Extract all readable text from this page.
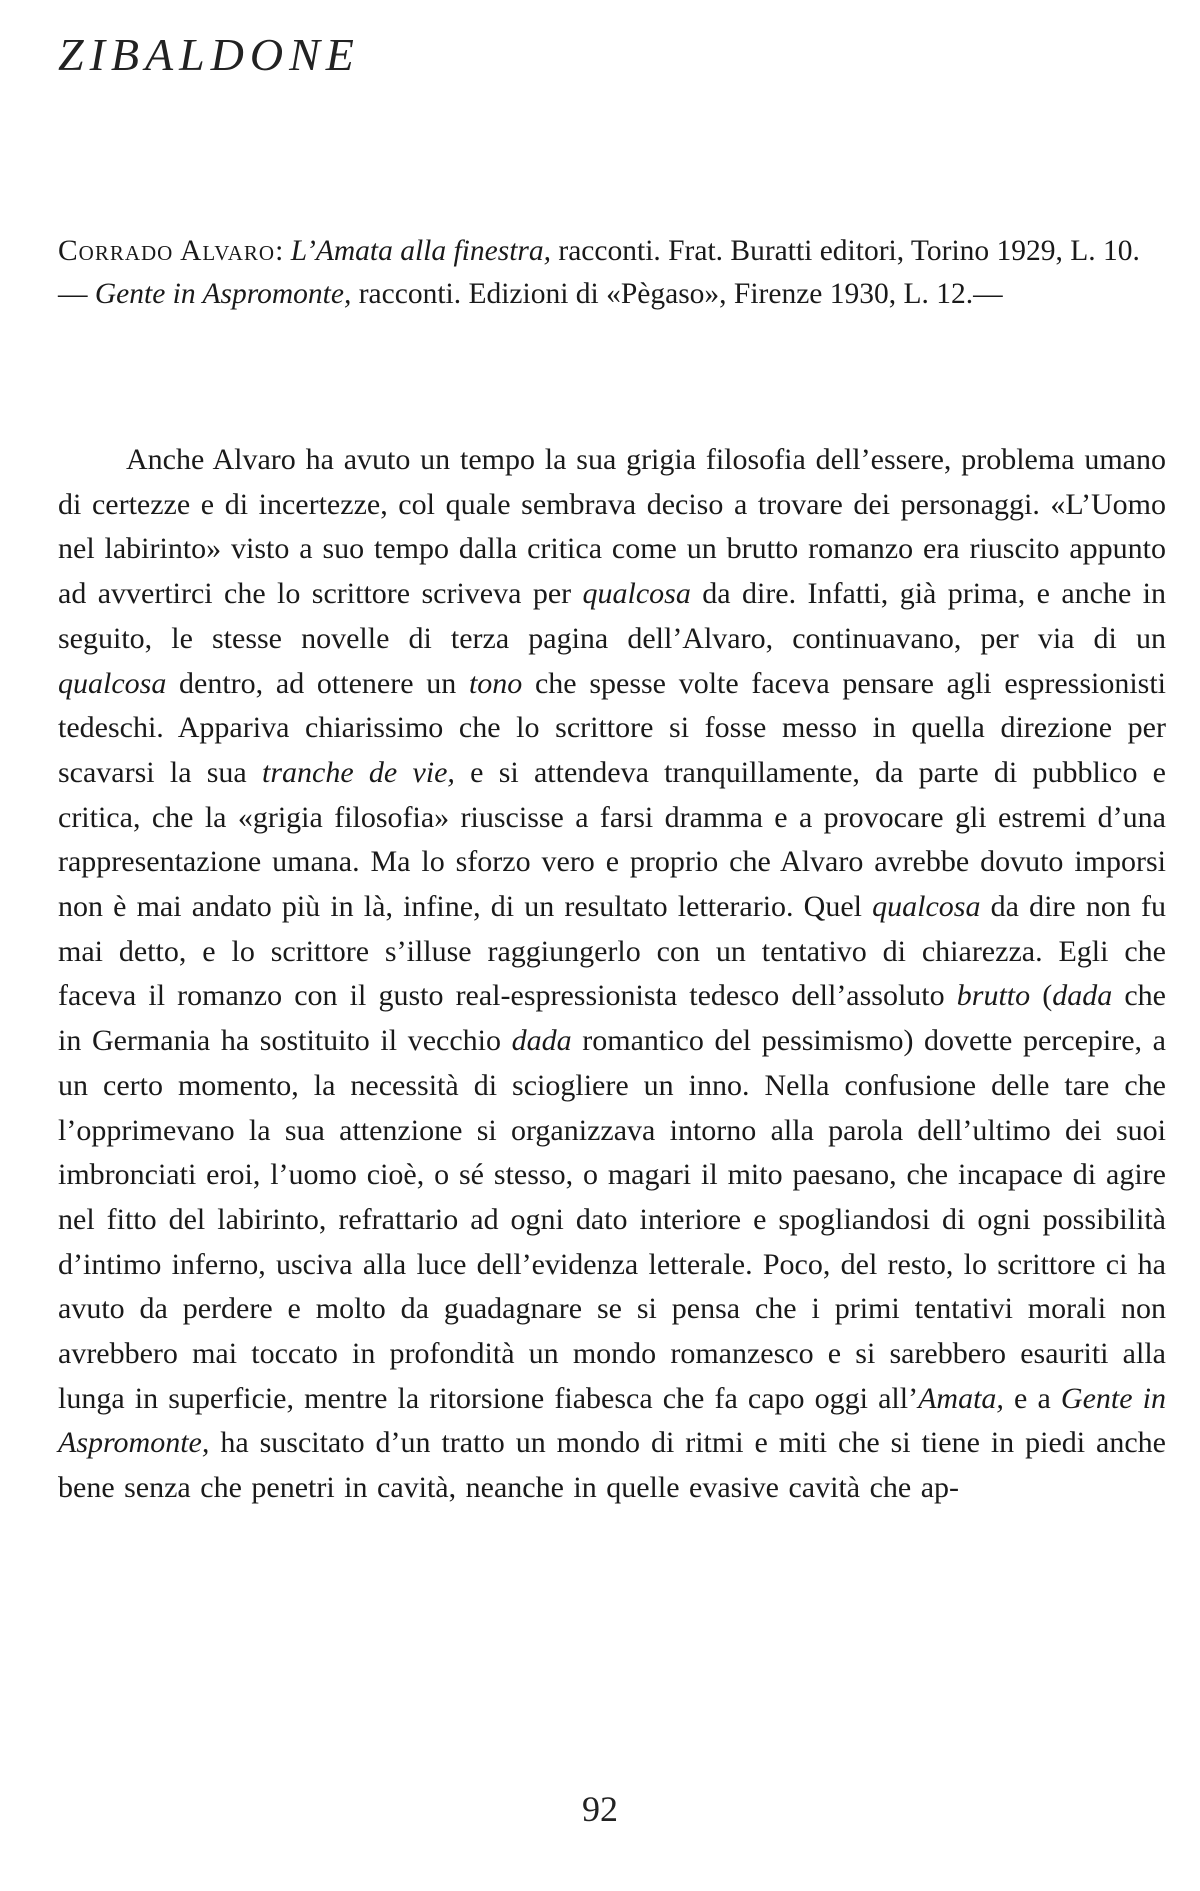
ZIBALDONE

Corrado Alvaro: L’Amata alla finestra, racconti. Frat. Buratti editori, Torino 1929, L. 10.

— Gente in Aspromonte, racconti. Edizioni di «Pègaso», Firenze 1930, L. 12.—

Anche Alvaro ha avuto un tempo la sua grigia filosofia dell’essere, problema umano di certezze e di incertezze, col quale sembrava deciso a trovare dei personaggi. «L’Uomo nel labirinto» visto a suo tempo dalla critica come un brutto romanzo era riuscito appunto ad avvertirci che lo scrittore scriveva per qualcosa da dire. Infatti, già prima, e anche in seguito, le stesse novelle di terza pagina dell’Alvaro, continuavano, per via di un qualcosa dentro, ad ottenere un tono che spesse volte faceva pensare agli espressionisti tedeschi. Appariva chiarissimo che lo scrittore si fosse messo in quella direzione per scavarsi la sua tranche de vie, e si attendeva tranquillamente, da parte di pubblico e critica, che la «grigia filosofia» riuscisse a farsi dramma e a provocare gli estremi d’una rappresentazione umana. Ma lo sforzo vero e proprio che Alvaro avrebbe dovuto imporsi non è mai andato più in là, infine, di un resultato letterario. Quel qualcosa da dire non fu mai detto, e lo scrittore s’illuse raggiungerlo con un tentativo di chiarezza. Egli che faceva il romanzo con il gusto real-espressionista tedesco dell’assoluto brutto (dada che in Germania ha sostituito il vecchio dada romantico del pessimismo) dovette percepire, a un certo momento, la necessità di sciogliere un inno. Nella confusione delle tare che l’opprimevano la sua attenzione si organizzava intorno alla parola dell’ultimo dei suoi imbronciati eroi, l’uomo cioè, o sé stesso, o magari il mito paesano, che incapace di agire nel fitto del labirinto, refrattario ad ogni dato interiore e spogliandosi di ogni possibilità d’intimo inferno, usciva alla luce dell’evidenza letterale. Poco, del resto, lo scrittore ci ha avuto da perdere e molto da guadagnare se si pensa che i primi tentativi morali non avrebbero mai toccato in profondità un mondo romanzesco e si sarebbero esauriti alla lunga in superficie, mentre la ritorsione fiabesca che fa capo oggi all’Amata, e a Gente in Aspromonte, ha suscitato d’un tratto un mondo di ritmi e miti che si tiene in piedi anche bene senza che penetri in cavità, neanche in quelle evasive cavità che ap-

92
